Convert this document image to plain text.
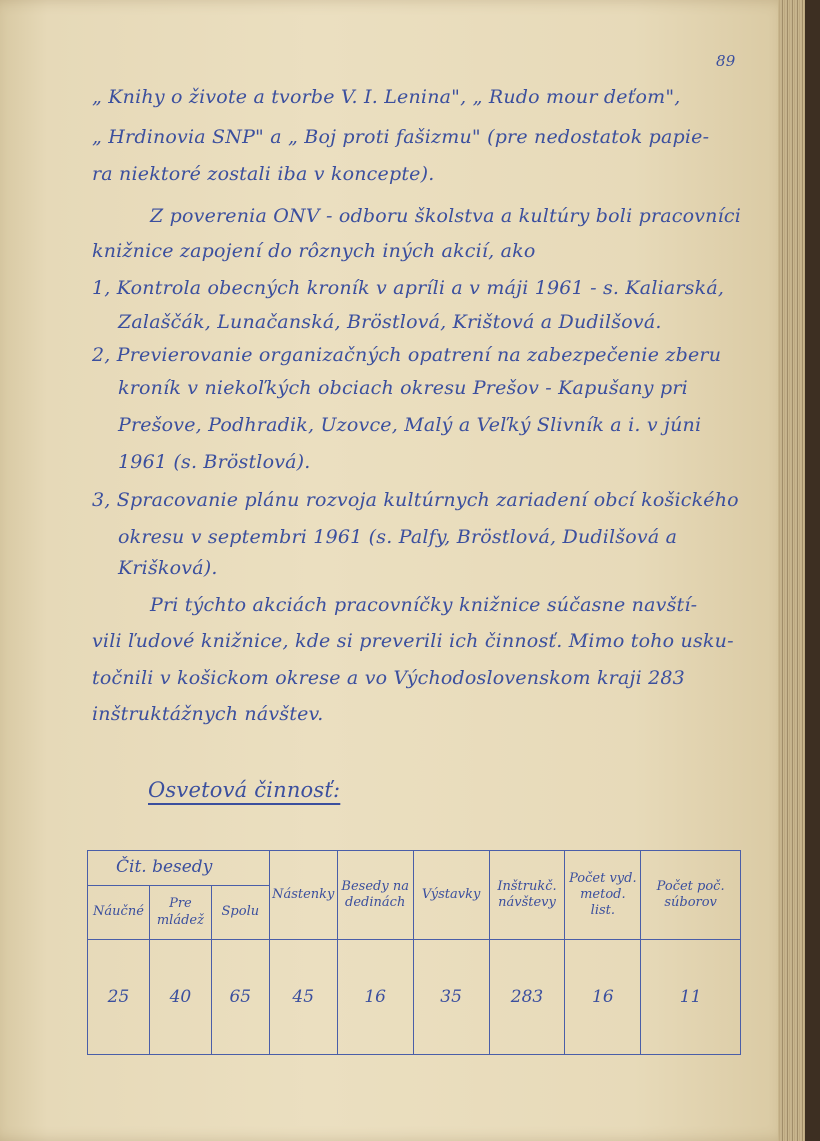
89

„ Knihy o živote a tvorbe V. I. Lenina", „ Rudo mour deťom",

„ Hrdinovia SNP" a „ Boj proti fašizmu" (pre nedostatok papie-

ra niektoré zostali iba v koncepte).

Z poverenia ONV - odboru školstva a kultúry boli pracovníci

knižnice zapojení do rôznych iných akcií, ako

1, Kontrola obecných kroník v apríli a v máji 1961 - s. Kaliarská,

Zalaščák, Lunačanská, Bröstlová, Krištová a Dudilšová.

2, Previerovanie organizačných opatrení na zabezpečenie zberu

kroník v niekoľkých obciach okresu Prešov - Kapušany pri

Prešove, Podhradik, Uzovce, Malý a Veľký Slivník a i. v júni

1961 (s. Bröstlová).

3, Spracovanie plánu rozvoja kultúrnych zariadení obcí košického

okresu v septembri 1961 (s. Palfy, Bröstlová, Dudilšová a

Krišková).

Pri týchto akciách pracovníčky knižnice súčasne navští-

vili ľudové knižnice, kde si preverili ich činnosť. Mimo toho usku-

točnili v košickom okrese a vo Východoslovenskom kraji 283

inštruktážnych návštev.

Osvetová činnosť:

Čit. besedy			Nástenky	Besedy na dedinách	Výstavky	Inštrukč. návštevy	Počet vyd. metod. list.	Počet poč. súborov
Náučné	Pre mládež	Spolu						
25	40	65	45	16	35	283	16	11
